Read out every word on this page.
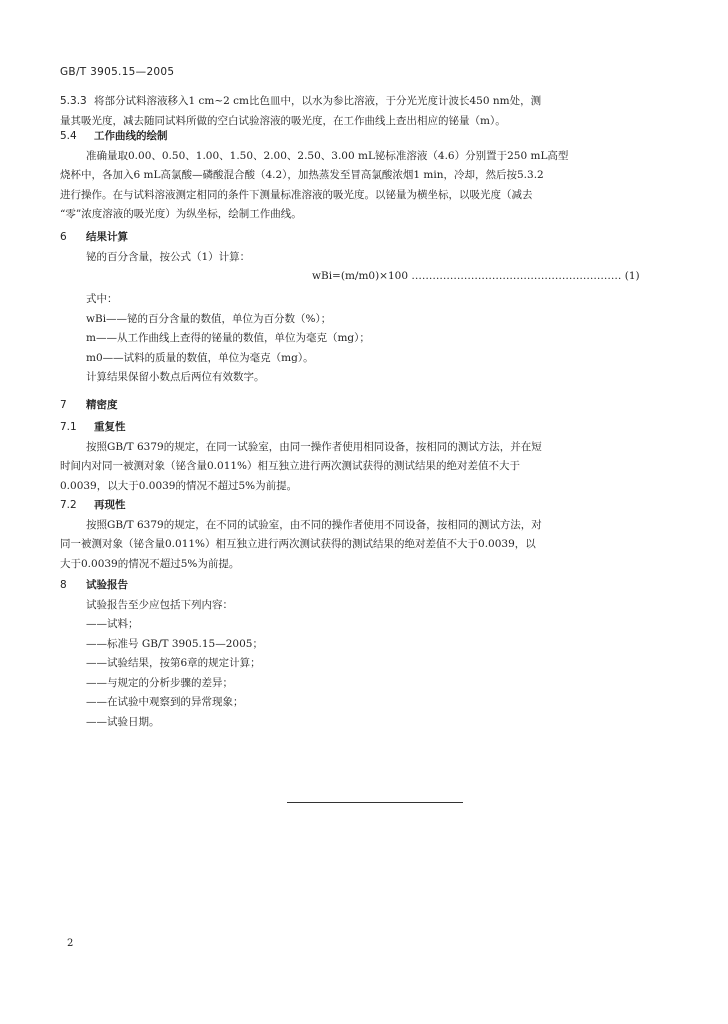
GB/T 3905.15—2005
5.3.3 将部分试料溶液移入1 cm~2 cm比色皿中，以水为参比溶液，于分光光度计波长450 nm处，测
量其吸光度，减去随同试料所做的空白试验溶液的吸光度，在工作曲线上查出相应的铋量（m）。
5.4 工作曲线的绘制
准确量取0.00、0.50、1.00、1.50、2.00、2.50、3.00 mL铋标准溶液（4.6）分别置于250 mL高型
烧杯中，各加入6 mL高氯酸—磷酸混合酸（4.2），加热蒸发至冒高氯酸浓烟1 min，冷却，然后按5.3.2
进行操作。在与试料溶液测定相同的条件下测量标准溶液的吸光度。以铋量为横坐标，以吸光度（减去
“零”浓度溶液的吸光度）为纵坐标，绘制工作曲线。
6 结果计算
铋的百分含量，按公式（1）计算：
wBi=(m/m0)×100 …………………………………………………… (1)
式中：
wBi——铋的百分含量的数值，单位为百分数（%）；
m——从工作曲线上查得的铋量的数值，单位为毫克（mg）；
m0——试料的质量的数值，单位为毫克（mg）。
计算结果保留小数点后两位有效数字。
7 精密度
7.1 重复性
按照GB/T 6379的规定，在同一试验室，由同一操作者使用相同设备，按相同的测试方法，并在短
时间内对同一被测对象（铋含量0.011%）相互独立进行两次测试获得的测试结果的绝对差值不大于
0.0039，以大于0.0039的情况不超过5%为前提。
7.2 再现性
按照GB/T 6379的规定，在不同的试验室，由不同的操作者使用不同设备，按相同的测试方法，对
同一被测对象（铋含量0.011%）相互独立进行两次测试获得的测试结果的绝对差值不大于0.0039，以
大于0.0039的情况不超过5%为前提。
8 试验报告
试验报告至少应包括下列内容：
——试料；
——标准号 GB/T 3905.15—2005；
——试验结果，按第6章的规定计算；
——与规定的分析步骤的差异；
——在试验中观察到的异常现象；
——试验日期。
2
